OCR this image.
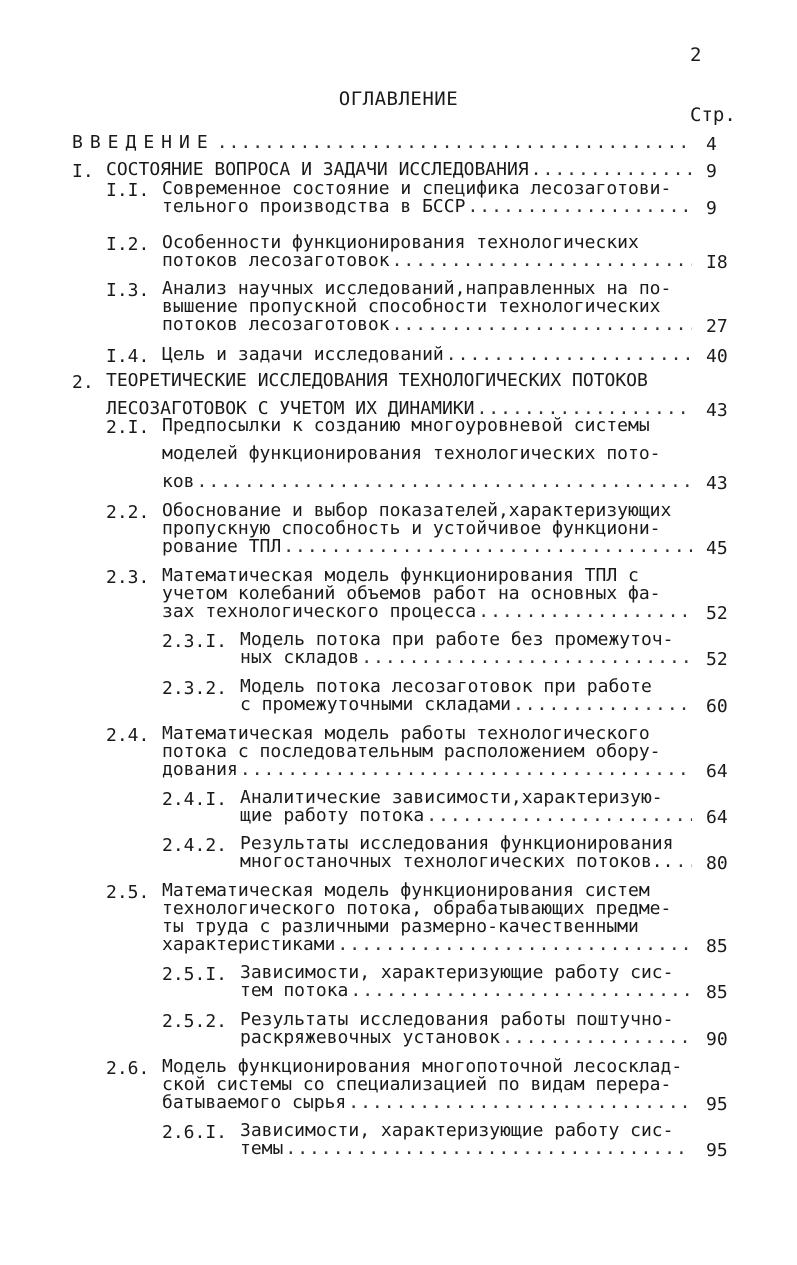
2
ОГЛАВЛЕНИЕ
Стр.
ВВЕДЕНИЕ .....	4
I. СОСТОЯНИЕ ВОПРОСА И ЗАДАЧИ ИССЛЕДОВАНИЯ .....	9
I.I. Современное состояние и специфика лесозаготови-
тельного производства в БССР .....	9
I.2. Особенности функционирования технологических
потоков лесозаготовок .....	I8
I.3. Анализ научных исследований,направленных на по-
вышение пропускной способности технологических
потоков лесозаготовок .....	27
I.4. Цель и задачи исследований .....	40
2. ТЕОРЕТИЧЕСКИЕ ИССЛЕДОВАНИЯ ТЕХНОЛОГИЧЕСКИХ ПОТОКОВ
ЛЕСОЗАГОТОВОК С УЧЕТОМ ИХ ДИНАМИКИ .....	43
2.I. Предпосылки к созданию многоуровневой системы
моделей функционирования технологических пото-
ков .....	43
2.2. Обоснование и выбор показателей,характеризующих
пропускную способность и устойчивое функциони-
рование ТПЛ .....	45
2.3. Математическая модель функционирования ТПЛ с
учетом колебаний объемов работ на основных фа-
зах технологического процесса .....	52
2.3.I. Модель потока при работе без промежуточ-
ных складов .....	52
2.3.2. Модель потока лесозаготовок при работе
с промежуточными складами .....	60
2.4. Математическая модель работы технологического
потока с последовательным расположением обору-
дования .....	64
2.4.I. Аналитические зависимости,характеризую-
щие работу потока .....	64
2.4.2. Результаты исследования функционирования
многостаночных технологических потоков.. ..... 80
2.5. Математическая модель функционирования систем
технологического потока, обрабатывающих предме-
ты труда с различными размерно-качественными
характеристиками .....	85
2.5.I. Зависимости, характеризующие работу сис-
тем потока .....	85
2.5.2. Результаты исследования работы поштучно-
раскряжевочных установок .....	90
2.6. Модель функционирования многопоточной лесосклад-
ской системы со специализацией по видам перера-
батываемого сырья .....	95
2.6.I. Зависимости, характеризующие работу сис-
темы .....	95
